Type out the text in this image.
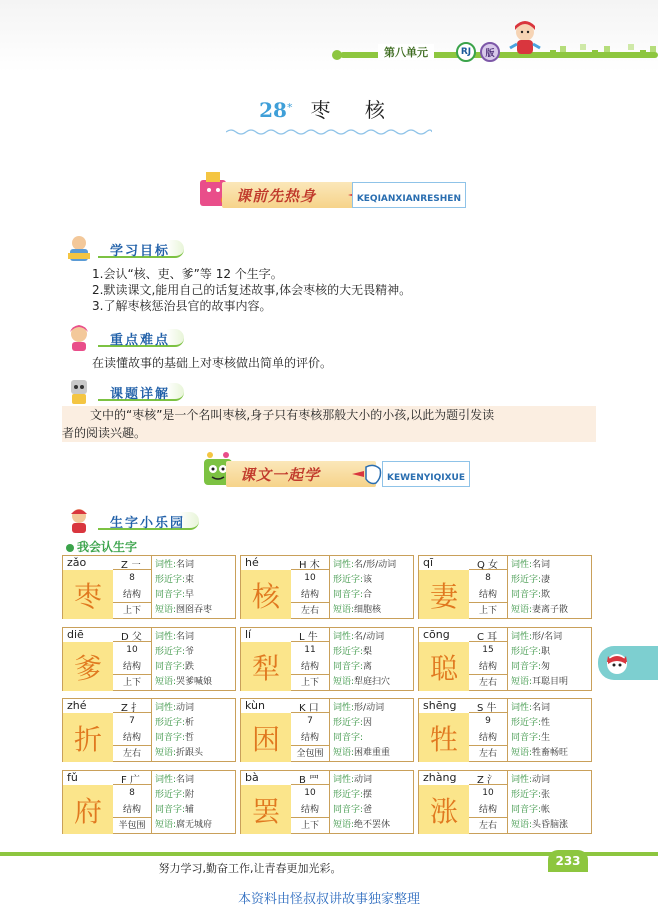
第八单元	RJ	版
28* 枣 核
课前先热身	KEQIANXIANRESHEN
学习目标
1.会认“核、吏、爹”等 12 个生字。
2.默读课文,能用自己的话复述故事,体会枣核的大无畏精神。
3.了解枣核惩治县官的故事内容。
重点难点
在读懂故事的基础上对枣核做出简单的评价。
课题详解
文中的“枣核”是一个名叫枣核,身子只有枣核那般大小的小孩,以此为题引发读
者的阅读兴趣。
课文一起学	KEWENYIQIXUE
生字小乐园
我会认生字
zǎo	Z ㇐
枣
8
结构
上下
词性:名词
形近字:束
同音字:早
短语:囫囵吞枣
hé	H 木
核
10
结构
左右
词性:名/形/动词
形近字:该
同音字:合
短语:细胞核
qī	Q 女
妻
8
结构
上下
词性:名词
形近字:凄
同音字:欺
短语:妻离子散
diē	D 父
爹
10
结构
上下
词性:名词
形近字:爷
同音字:跌
短语:哭爹喊娘
lí	L 牛
犁
11
结构
上下
词性:名/动词
形近字:梨
同音字:离
短语:犁庭扫穴
cōng	C 耳
聪
15
结构
左右
词性:形/名词
形近字:职
同音字:匆
短语:耳聪目明
zhé	Z 扌
折
7
结构
左右
词性:动词
形近字:析
同音字:哲
短语:折跟头
kùn	K 口
困
7
结构
全包围
词性:形/动词
形近字:因
同音字:
短语:困难重重
shēng S 牛
牲
9
结构
左右
词性:名词
形近字:性
同音字:生
短语:牲畜畅旺
fǔ	F 广
府
8
结构
半包围
词性:名词
形近字:附
同音字:辅
短语:腐无城府
bà	B 罒
罢
10
结构
上下
词性:动词
形近字:摆
同音字:爸
短语:绝不罢休
zhàng Z 氵
涨
10
结构
左右
词性:动词
形近字:张
同音字:帐
短语:头昏脑涨
努力学习,勤奋工作,让青春更加光彩。
233
本资料由怪叔叔讲故事独家整理
